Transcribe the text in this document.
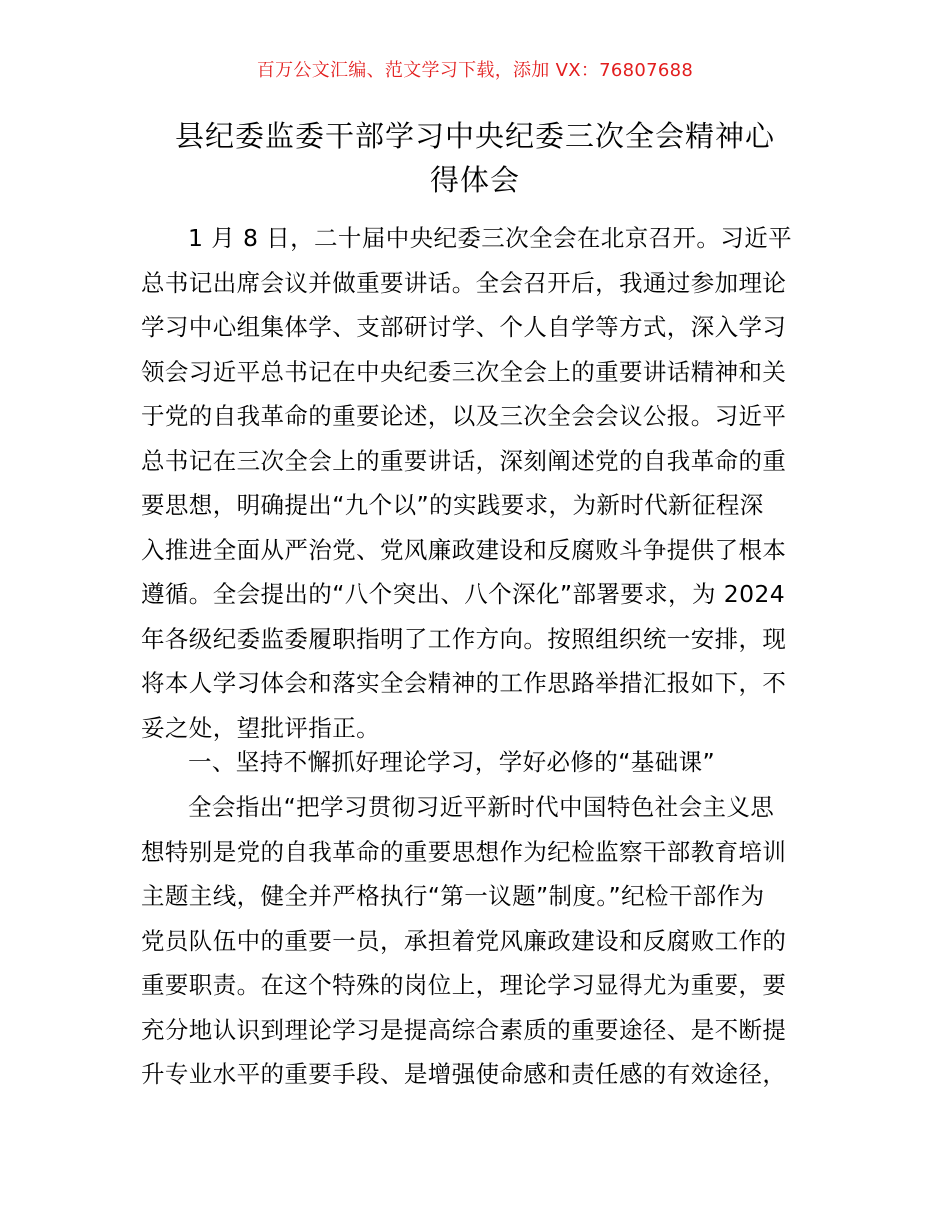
百万公文汇编、范文学习下载，添加 VX：76807688
县纪委监委干部学习中央纪委三次全会精神心
得体会
1 月 8 日，二十届中央纪委三次全会在北京召开。习近平
总书记出席会议并做重要讲话。全会召开后，我通过参加理论
学习中心组集体学、支部研讨学、个人自学等方式，深入学习
领会习近平总书记在中央纪委三次全会上的重要讲话精神和关
于党的自我革命的重要论述，以及三次全会会议公报。习近平
总书记在三次全会上的重要讲话，深刻阐述党的自我革命的重
要思想，明确提出“九个以”的实践要求，为新时代新征程深
入推进全面从严治党、党风廉政建设和反腐败斗争提供了根本
遵循。全会提出的“八个突出、八个深化”部署要求，为 2024
年各级纪委监委履职指明了工作方向。按照组织统一安排，现
将本人学习体会和落实全会精神的工作思路举措汇报如下，不
妥之处，望批评指正。
一、坚持不懈抓好理论学习，学好必修的“基础课”
全会指出“把学习贯彻习近平新时代中国特色社会主义思
想特别是党的自我革命的重要思想作为纪检监察干部教育培训
主题主线，健全并严格执行“第一议题”制度。”纪检干部作为
党员队伍中的重要一员，承担着党风廉政建设和反腐败工作的
重要职责。在这个特殊的岗位上，理论学习显得尤为重要，要
充分地认识到理论学习是提高综合素质的重要途径、是不断提
升专业水平的重要手段、是增强使命感和责任感的有效途径，
